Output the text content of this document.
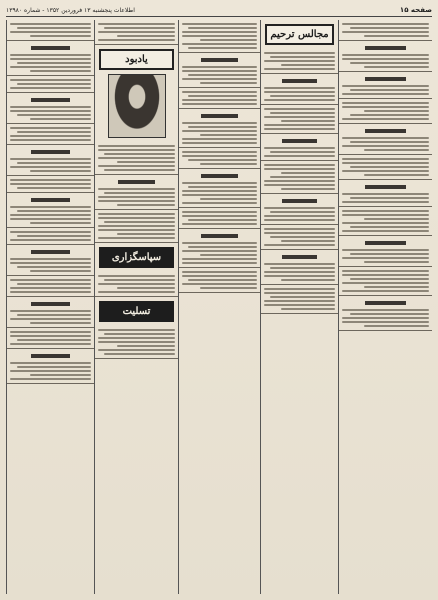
صفحه ۱۵
اطلاعات پنجشنبه ۱۳ فروردین ۱۳۵۲ - شماره ۱۳۹۸۰
مجالس ترحیم
یادبود
سپاسگزاری
تسلیت
